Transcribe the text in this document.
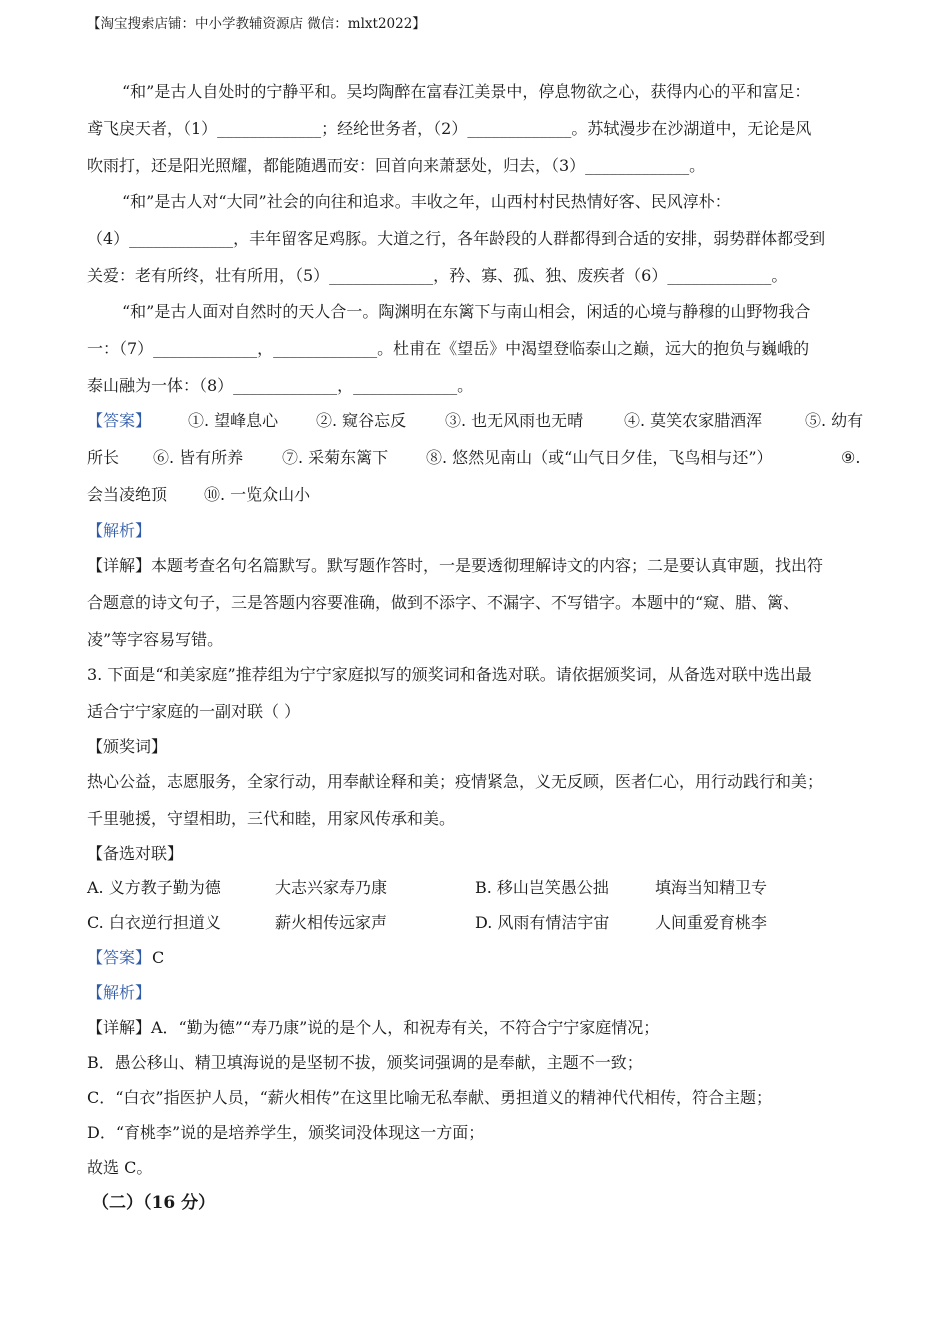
【淘宝搜索店铺：中小学教辅资源店 微信：mlxt2022】
“和”是古人自处时的宁静平和。吴均陶醉在富春江美景中，停息物欲之心，获得内心的平和富足：
鸢飞戾天者，（1）_____________；经纶世务者，（2）_____________。苏轼漫步在沙湖道中，无论是风
吹雨打，还是阳光照耀，都能随遇而安：回首向来萧瑟处，归去，（3）_____________。
“和”是古人对“大同”社会的向往和追求。丰收之年，山西村村民热情好客、民风淳朴：
（4）_____________，丰年留客足鸡豚。大道之行，各年龄段的人群都得到合适的安排，弱势群体都受到
关爱：老有所终，壮有所用，（5）_____________，矜、寡、孤、独、废疾者（6）_____________。
“和”是古人面对自然时的天人合一。陶渊明在东篱下与南山相会，闲适的心境与静穆的山野物我合
一：（7）_____________，_____________。杜甫在《望岳》中渴望登临泰山之巅，远大的抱负与巍峨的
泰山融为一体：（8）_____________，_____________。
【答案】 ①. 望峰息心 ②. 窥谷忘反 ③. 也无风雨也无晴	④. 莫笑农家腊酒浑	⑤. 幼有
所长 ⑥. 皆有所养 ⑦. 采菊东篱下 ⑧. 悠然见南山（或“山气日夕佳，飞鸟相与还”）	⑨.
会当凌绝顶 ⑩. 一览众山小
【解析】
【详解】本题考查名句名篇默写。默写题作答时，一是要透彻理解诗文的内容；二是要认真审题，找出符
合题意的诗文句子，三是答题内容要准确，做到不添字、不漏字、不写错字。本题中的“窥、腊、篱、
凌”等字容易写错。
3. 下面是“和美家庭”推荐组为宁宁家庭拟写的颁奖词和备选对联。请依据颁奖词，从备选对联中选出最
适合宁宁家庭的一副对联（ ）
【颁奖词】
热心公益，志愿服务，全家行动，用奉献诠释和美；疫情紧急，义无反顾，医者仁心，用行动践行和美；
千里驰援，守望相助，三代和睦，用家风传承和美。
【备选对联】
A. 义方教子勤为德	大志兴家寿乃康	B. 移山岂笑愚公拙	填海当知精卫专
C. 白衣逆行担道义	薪火相传远家声	D. 风雨有情洁宇宙	人间重爱育桃李
【答案】 C
【解析】
【详解】A．“勤为德”“寿乃康”说的是个人，和祝寿有关，不符合宁宁家庭情况；
B．愚公移山、精卫填海说的是坚韧不拔，颁奖词强调的是奉献，主题不一致；
C．“白衣”指医护人员，“薪火相传”在这里比喻无私奉献、勇担道义的精神代代相传，符合主题；
D．“育桃李”说的是培养学生，颁奖词没体现这一方面；
故选 C。
（二）（16 分）
